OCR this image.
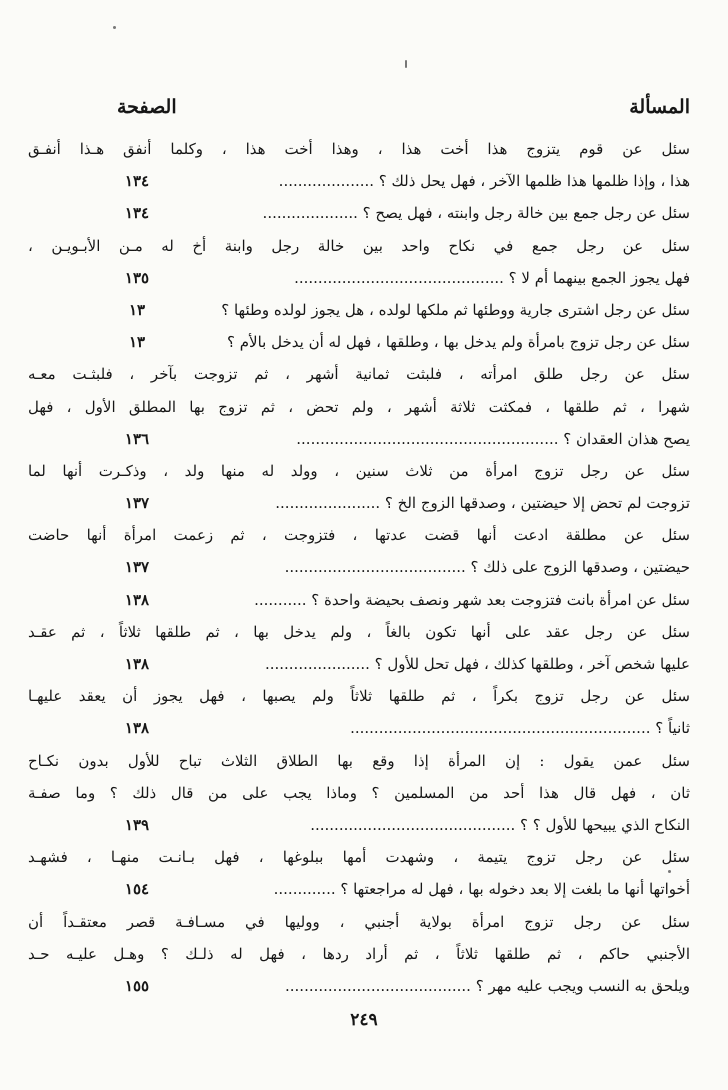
المسألة
الصفحة
سئل عن قوم يتزوج هذا أخت هذا ، وهذا أخت هذا ، وكلما أنفق هـذا أنفـق
هذا ، وإذا ظلمها هذا ظلمها الآخر ، فهل يحل ذلك ؟ ....................
١٣٤
سئل عن رجل جمع بين خالة رجل وابنته ، فهل يصح ؟ ....................
١٣٤
سئل عن رجل جمع في نكاح واحد بين خالة رجل وابنة أخ له مـن الأبـويـن ،
فهل يجوز الجمع بينهما أم لا ؟ ............................................
١٣٥
سئل عن رجل اشترى جارية ووطئها ثم ملكها لولده ، هل يجوز لولده وطئها ؟
١٣
سئل عن رجل تزوج بامرأة ولم يدخل بها ، وطلقها ، فهل له أن يدخل بالأم ؟
١٣
سئل عن رجل طلق امرأته ، فلبثت ثمانية أشهر ، ثم تزوجت بآخر ، فلبثـت معـه
شهرا ، ثم طلقها ، فمكثت ثلاثة أشهر ، ولم تحض ، ثم تزوج بها المطلق الأول ، فهل
يصح هذان العقدان ؟ .......................................................
١٣٦
سئل عن رجل تزوج امرأة من ثلاث سنين ، وولد له منها ولد ، وذكـرت أنها لما
تزوجت لم تحض إلا حيضتين ، وصدقها الزوج الخ ؟ ......................
١٣٧
سئل عن مطلقة ادعت أنها قضت عدتها ، فتزوجت ، ثم زعمت امرأة أنها حاضت
حيضتين ، وصدقها الزوج على ذلك ؟ ......................................
١٣٧
سئل عن امرأة بانت فتزوجت بعد شهر ونصف بحيضة واحدة ؟ ...........
١٣٨
سئل عن رجل عقد على أنها تكون بالغاً ، ولم يدخل بها ، ثم طلقها ثلاثاً ، ثم عقـد
عليها شخص آخر ، وطلقها كذلك ، فهل تحل للأول ؟ ......................
١٣٨
سئل عن رجل تزوج بكراً ، ثم طلقها ثلاثاً ولم يصبها ، فهل يجوز أن يعقد عليهـا
ثانياً ؟ ...............................................................
١٣٨
سئل عمن يقول : إن المرأة إذا وقع بها الطلاق الثلاث تباح للأول بدون نكـاح
ثان ، فهل قال هذا أحد من المسلمين ؟ وماذا يجب على من قال ذلك ؟ وما صفـة
النكاح الذي يبيحها للأول ؟ ؟ ...........................................
١٣٩
سئل عن رجل تزوج يتيمة ، وشهدت أمها ببلوغها ، فهل بـانـت منهـا ، فشهـد
أخواتها أنها ما بلغت إلا بعد دخوله بها ، فهل له مراجعتها ؟ .............
١٥٤
سئل عن رجل تزوج امرأة بولاية أجنبي ، ووليها في مسـافـة قصر معتقـداً أن
الأجنبي حاكم ، ثم طلقها ثلاثاً ، ثم أراد ردها ، فهل له ذلـك ؟ وهـل عليـه حـد
ويلحق به النسب ويجب عليه مهر ؟ .......................................
١٥٥
٢٤٩
